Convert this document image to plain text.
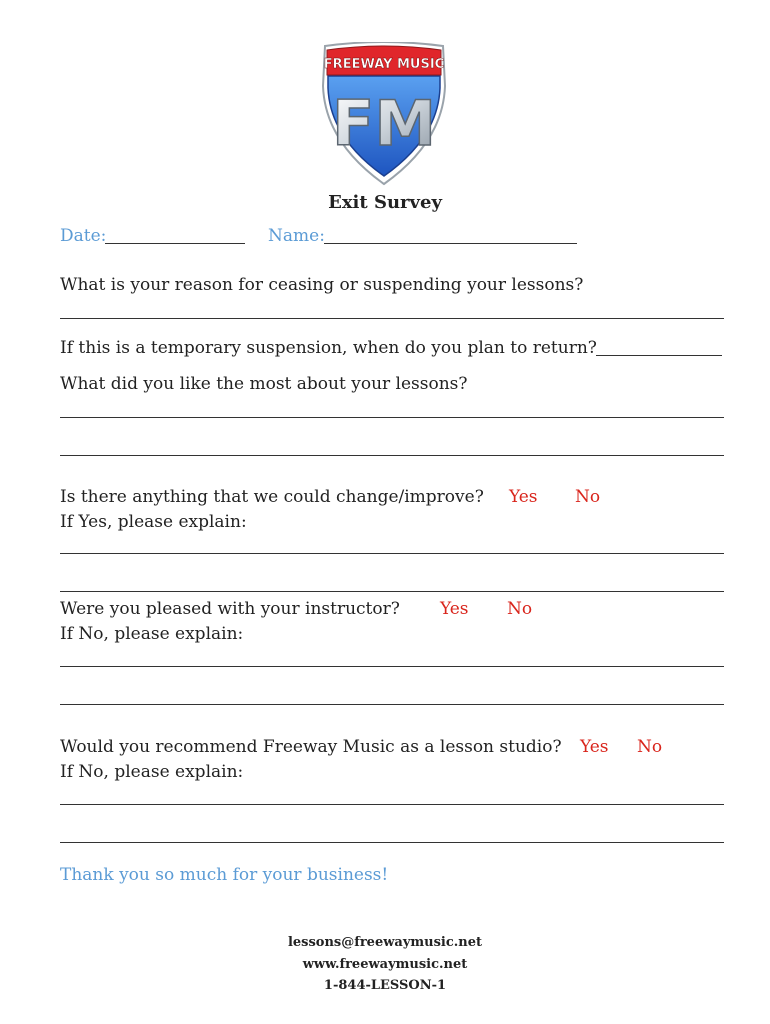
FREEWAY MUSIC
FM
Exit Survey
Date:	Name:
What is your reason for ceasing or suspending your lessons?
If this is a temporary suspension, when do you plan to return?
What did you like the most about your lessons?
Is there anything that we could change/improve? Yes No
If Yes, please explain:
Were you pleased with your instructor? Yes No
If No, please explain:
Would you recommend Freeway Music as a lesson studio? Yes No
If No, please explain:
Thank you so much for your business!
lessons@freewaymusic.net
www.freewaymusic.net
1-844-LESSON-1
